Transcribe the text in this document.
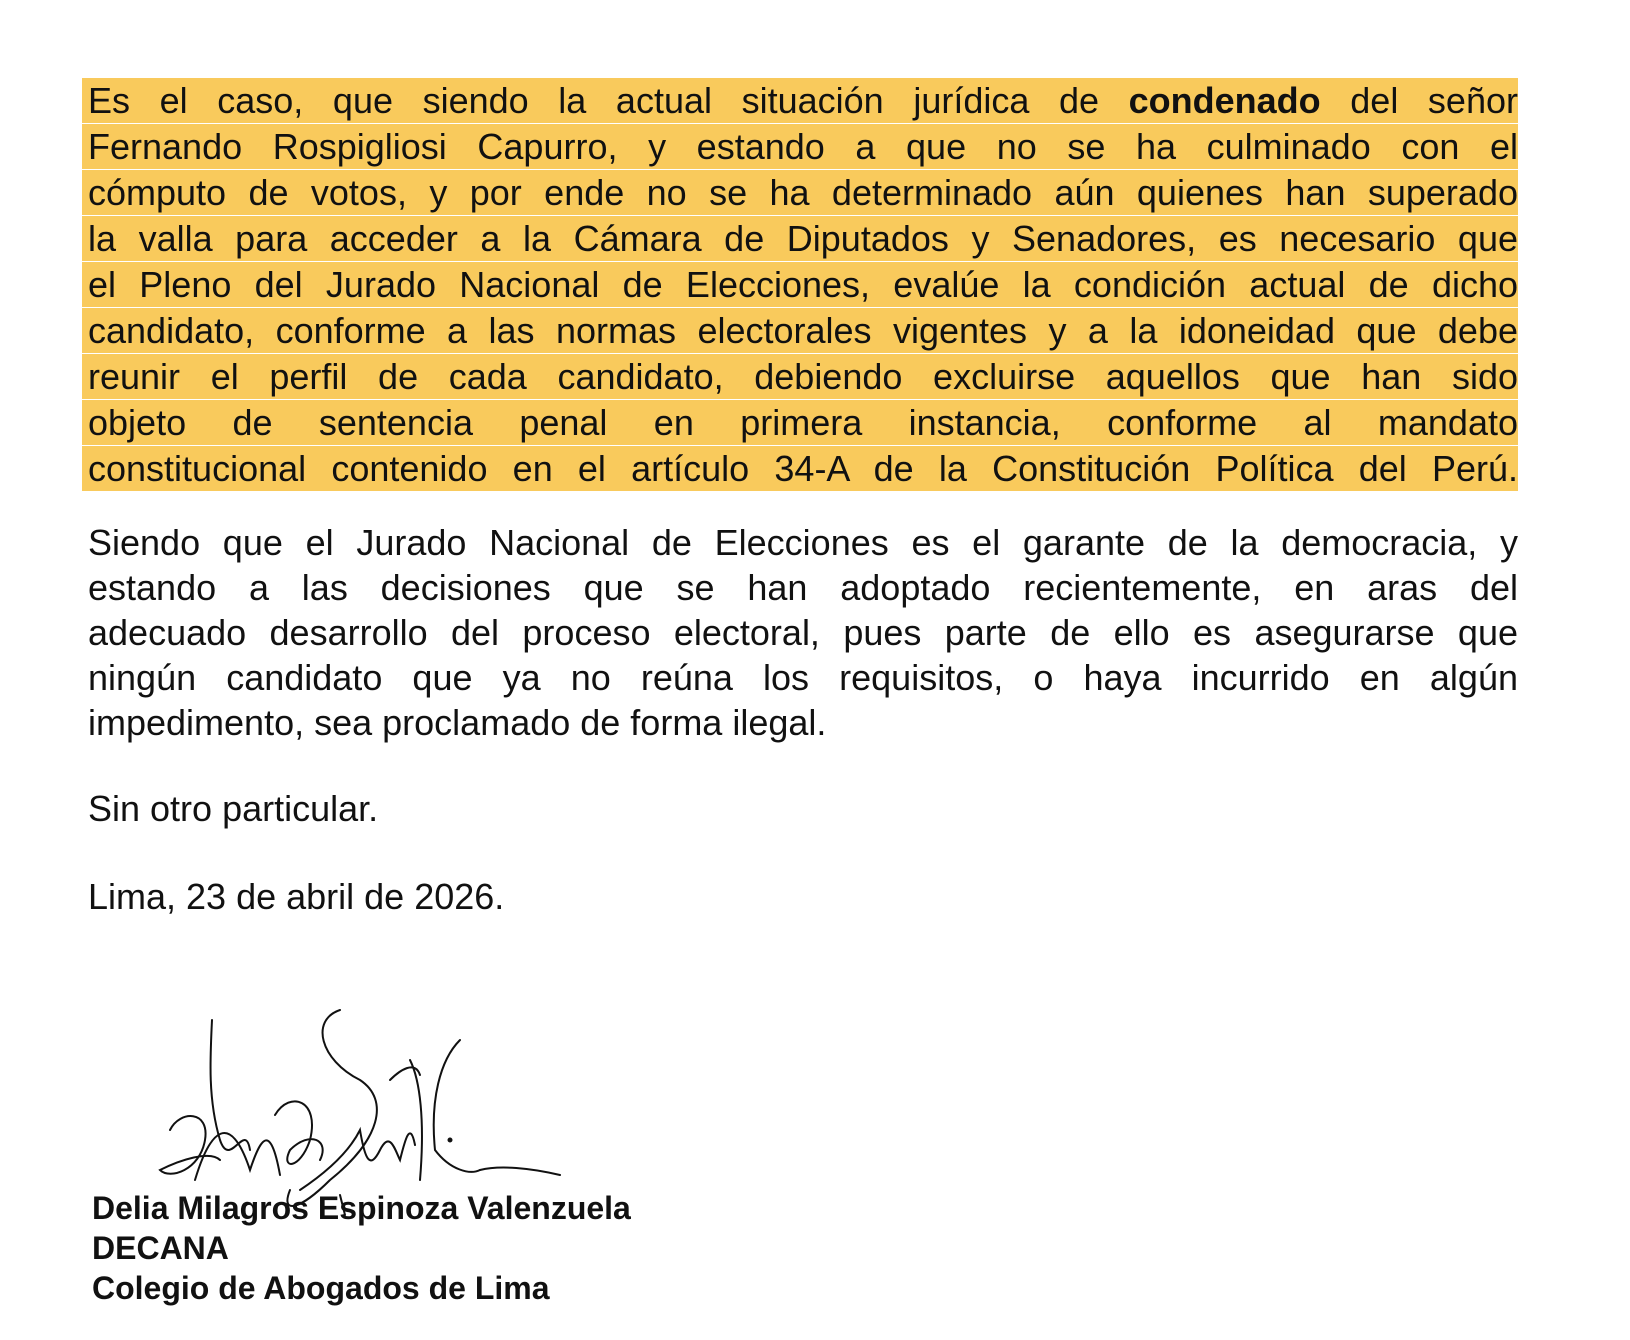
Es el caso, que siendo la actual situación jurídica de condenado del señor
Fernando Rospigliosi Capurro, y estando a que no se ha culminado con el
cómputo de votos, y por ende no se ha determinado aún quienes han superado
la valla para acceder a la Cámara de Diputados y Senadores, es necesario que
el Pleno del Jurado Nacional de Elecciones, evalúe la condición actual de dicho
candidato, conforme a las normas electorales vigentes y a la idoneidad que debe
reunir el perfil de cada candidato, debiendo excluirse aquellos que han sido
objeto de sentencia penal en primera instancia, conforme al mandato
constitucional contenido en el artículo 34-A de la Constitución Política del Perú.
Siendo que el Jurado Nacional de Elecciones es el garante de la democracia, y
estando a las decisiones que se han adoptado recientemente, en aras del
adecuado desarrollo del proceso electoral, pues parte de ello es asegurarse que
ningún candidato que ya no reúna los requisitos, o haya incurrido en algún
impedimento, sea proclamado de forma ilegal.
Sin otro particular.
Lima, 23 de abril de 2026.
Delia Milagros Espinoza Valenzuela
DECANA
Colegio de Abogados de Lima
